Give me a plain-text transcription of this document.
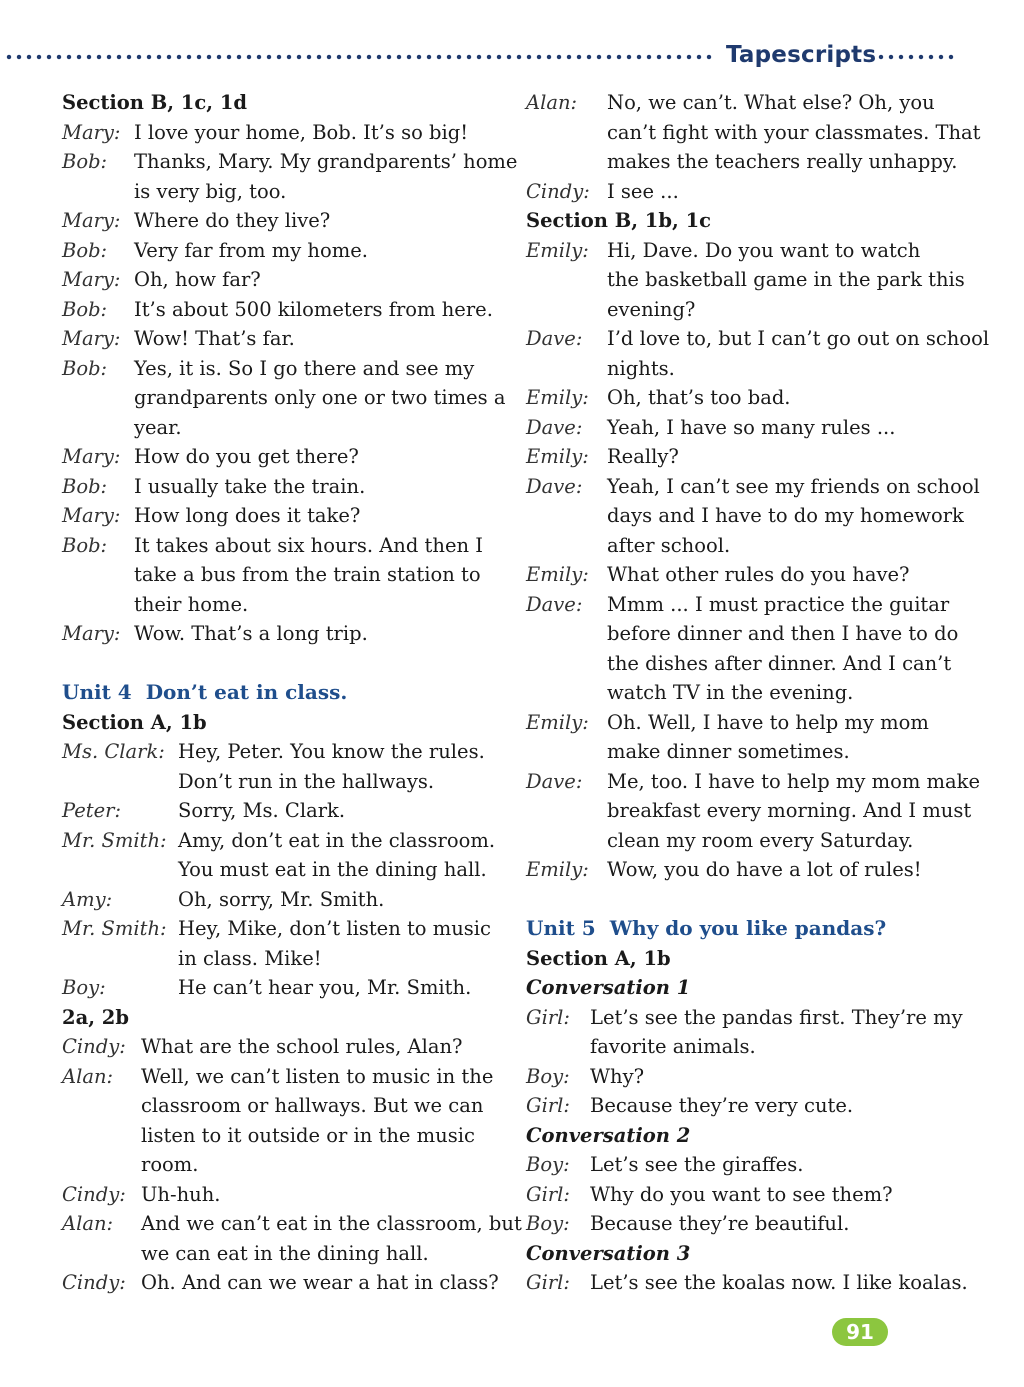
Tapescripts
Section B, 1c, 1d
Mary: I love your home, Bob. It’s so big!
Bob: Thanks, Mary. My grandparents’ home
is very big, too.
Mary: Where do they live?
Bob: Very far from my home.
Mary: Oh, how far?
Bob: It’s about 500 kilometers from here.
Mary: Wow! That’s far.
Bob: Yes, it is. So I go there and see my
grandparents only one or two times a
year.
Mary: How do you get there?
Bob: I usually take the train.
Mary: How long does it take?
Bob: It takes about six hours. And then I
take a bus from the train station to
their home.
Mary: Wow. That’s a long trip.
Unit 4 Don’t eat in class.
Section A, 1b
Ms. Clark: Hey, Peter. You know the rules.
Don’t run in the hallways.
Peter:	Sorry, Ms. Clark.
Mr. Smith: Amy, don’t eat in the classroom.
You must eat in the dining hall.
Amy:	Oh, sorry, Mr. Smith.
Mr. Smith: Hey, Mike, don’t listen to music
in class. Mike!
Boy:	He can’t hear you, Mr. Smith.
2a, 2b
Cindy: What are the school rules, Alan?
Alan: Well, we can’t listen to music in the
classroom or hallways. But we can
listen to it outside or in the music
room.
Cindy: Uh-huh.
Alan: And we can’t eat in the classroom, but
we can eat in the dining hall.
Cindy: Oh. And can we wear a hat in class?
Alan: No, we can’t. What else? Oh, you
can’t fight with your classmates. That
makes the teachers really unhappy.
Cindy: I see ...
Section B, 1b, 1c
Emily: Hi, Dave. Do you want to watch
the basketball game in the park this
evening?
Dave: I’d love to, but I can’t go out on school
nights.
Emily: Oh, that’s too bad.
Dave: Yeah, I have so many rules ...
Emily: Really?
Dave: Yeah, I can’t see my friends on school
days and I have to do my homework
after school.
Emily: What other rules do you have?
Dave: Mmm ... I must practice the guitar
before dinner and then I have to do
the dishes after dinner. And I can’t
watch TV in the evening.
Emily: Oh. Well, I have to help my mom
make dinner sometimes.
Dave: Me, too. I have to help my mom make
breakfast every morning. And I must
clean my room every Saturday.
Emily: Wow, you do have a lot of rules!
Unit 5 Why do you like pandas?
Section A, 1b
Conversation 1
Girl: Let’s see the pandas first. They’re my
favorite animals.
Boy: Why?
Girl: Because they’re very cute.
Conversation 2
Boy: Let’s see the giraffes.
Girl: Why do you want to see them?
Boy: Because they’re beautiful.
Conversation 3
Girl: Let’s see the koalas now. I like koalas.
91
